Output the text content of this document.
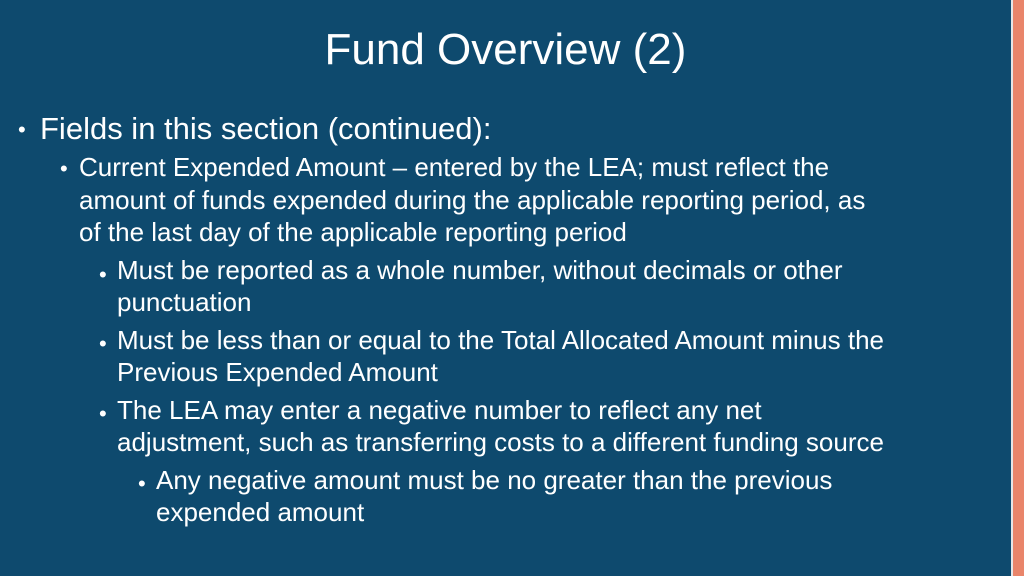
Fund Overview (2)
• Fields in this section (continued):
• Current Expended Amount – entered by the LEA; must reflect the
amount of funds expended during the applicable reporting period, as
of the last day of the applicable reporting period
• Must be reported as a whole number, without decimals or other
punctuation
• Must be less than or equal to the Total Allocated Amount minus the
Previous Expended Amount
• The LEA may enter a negative number to reflect any net
adjustment, such as transferring costs to a different funding source
• Any negative amount must be no greater than the previous
expended amount
